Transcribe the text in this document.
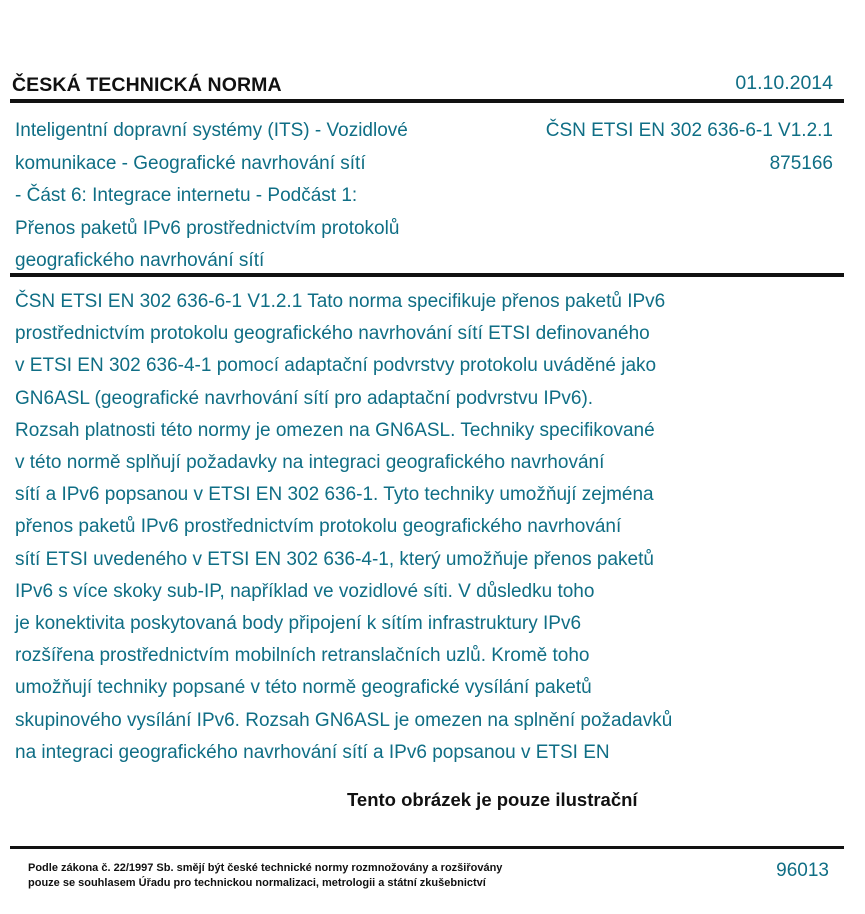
ČESKÁ TECHNICKÁ NORMA	01.10.2014
Inteligentní dopravní systémy (ITS) - Vozidlové
komunikace - Geografické navrhování sítí
- Část 6: Integrace internetu - Podčást 1:
Přenos paketů IPv6 prostřednictvím protokolů
geografického navrhování sítí
ČSN ETSI EN 302 636-6-1 V1.2.1
875166
ČSN ETSI EN 302 636-6-1 V1.2.1 Tato norma specifikuje přenos paketů IPv6
prostřednictvím protokolu geografického navrhování sítí ETSI definovaného
v ETSI EN 302 636-4-1 pomocí adaptační podvrstvy protokolu uváděné jako
GN6ASL (geografické navrhování sítí pro adaptační podvrstvu IPv6).
Rozsah platnosti této normy je omezen na GN6ASL. Techniky specifikované
v této normě splňují požadavky na integraci geografického navrhování
sítí a IPv6 popsanou v ETSI EN 302 636-1. Tyto techniky umožňují zejména
přenos paketů IPv6 prostřednictvím protokolu geografického navrhování
sítí ETSI uvedeného v ETSI EN 302 636-4-1, který umožňuje přenos paketů
IPv6 s více skoky sub-IP, například ve vozidlové síti. V důsledku toho
je konektivita poskytovaná body připojení k sítím infrastruktury IPv6
rozšířena prostřednictvím mobilních retranslačních uzlů. Kromě toho
umožňují techniky popsané v této normě geografické vysílání paketů
skupinového vysílání IPv6. Rozsah GN6ASL je omezen na splnění požadavků
na integraci geografického navrhování sítí a IPv6 popsanou v ETSI EN
Tento obrázek je pouze ilustrační
Podle zákona č. 22/1997 Sb. smějí být české technické normy rozmnožovány a rozšiřovány
pouze se souhlasem Úřadu pro technickou normalizaci, metrologii a státní zkušebnictví
96013
